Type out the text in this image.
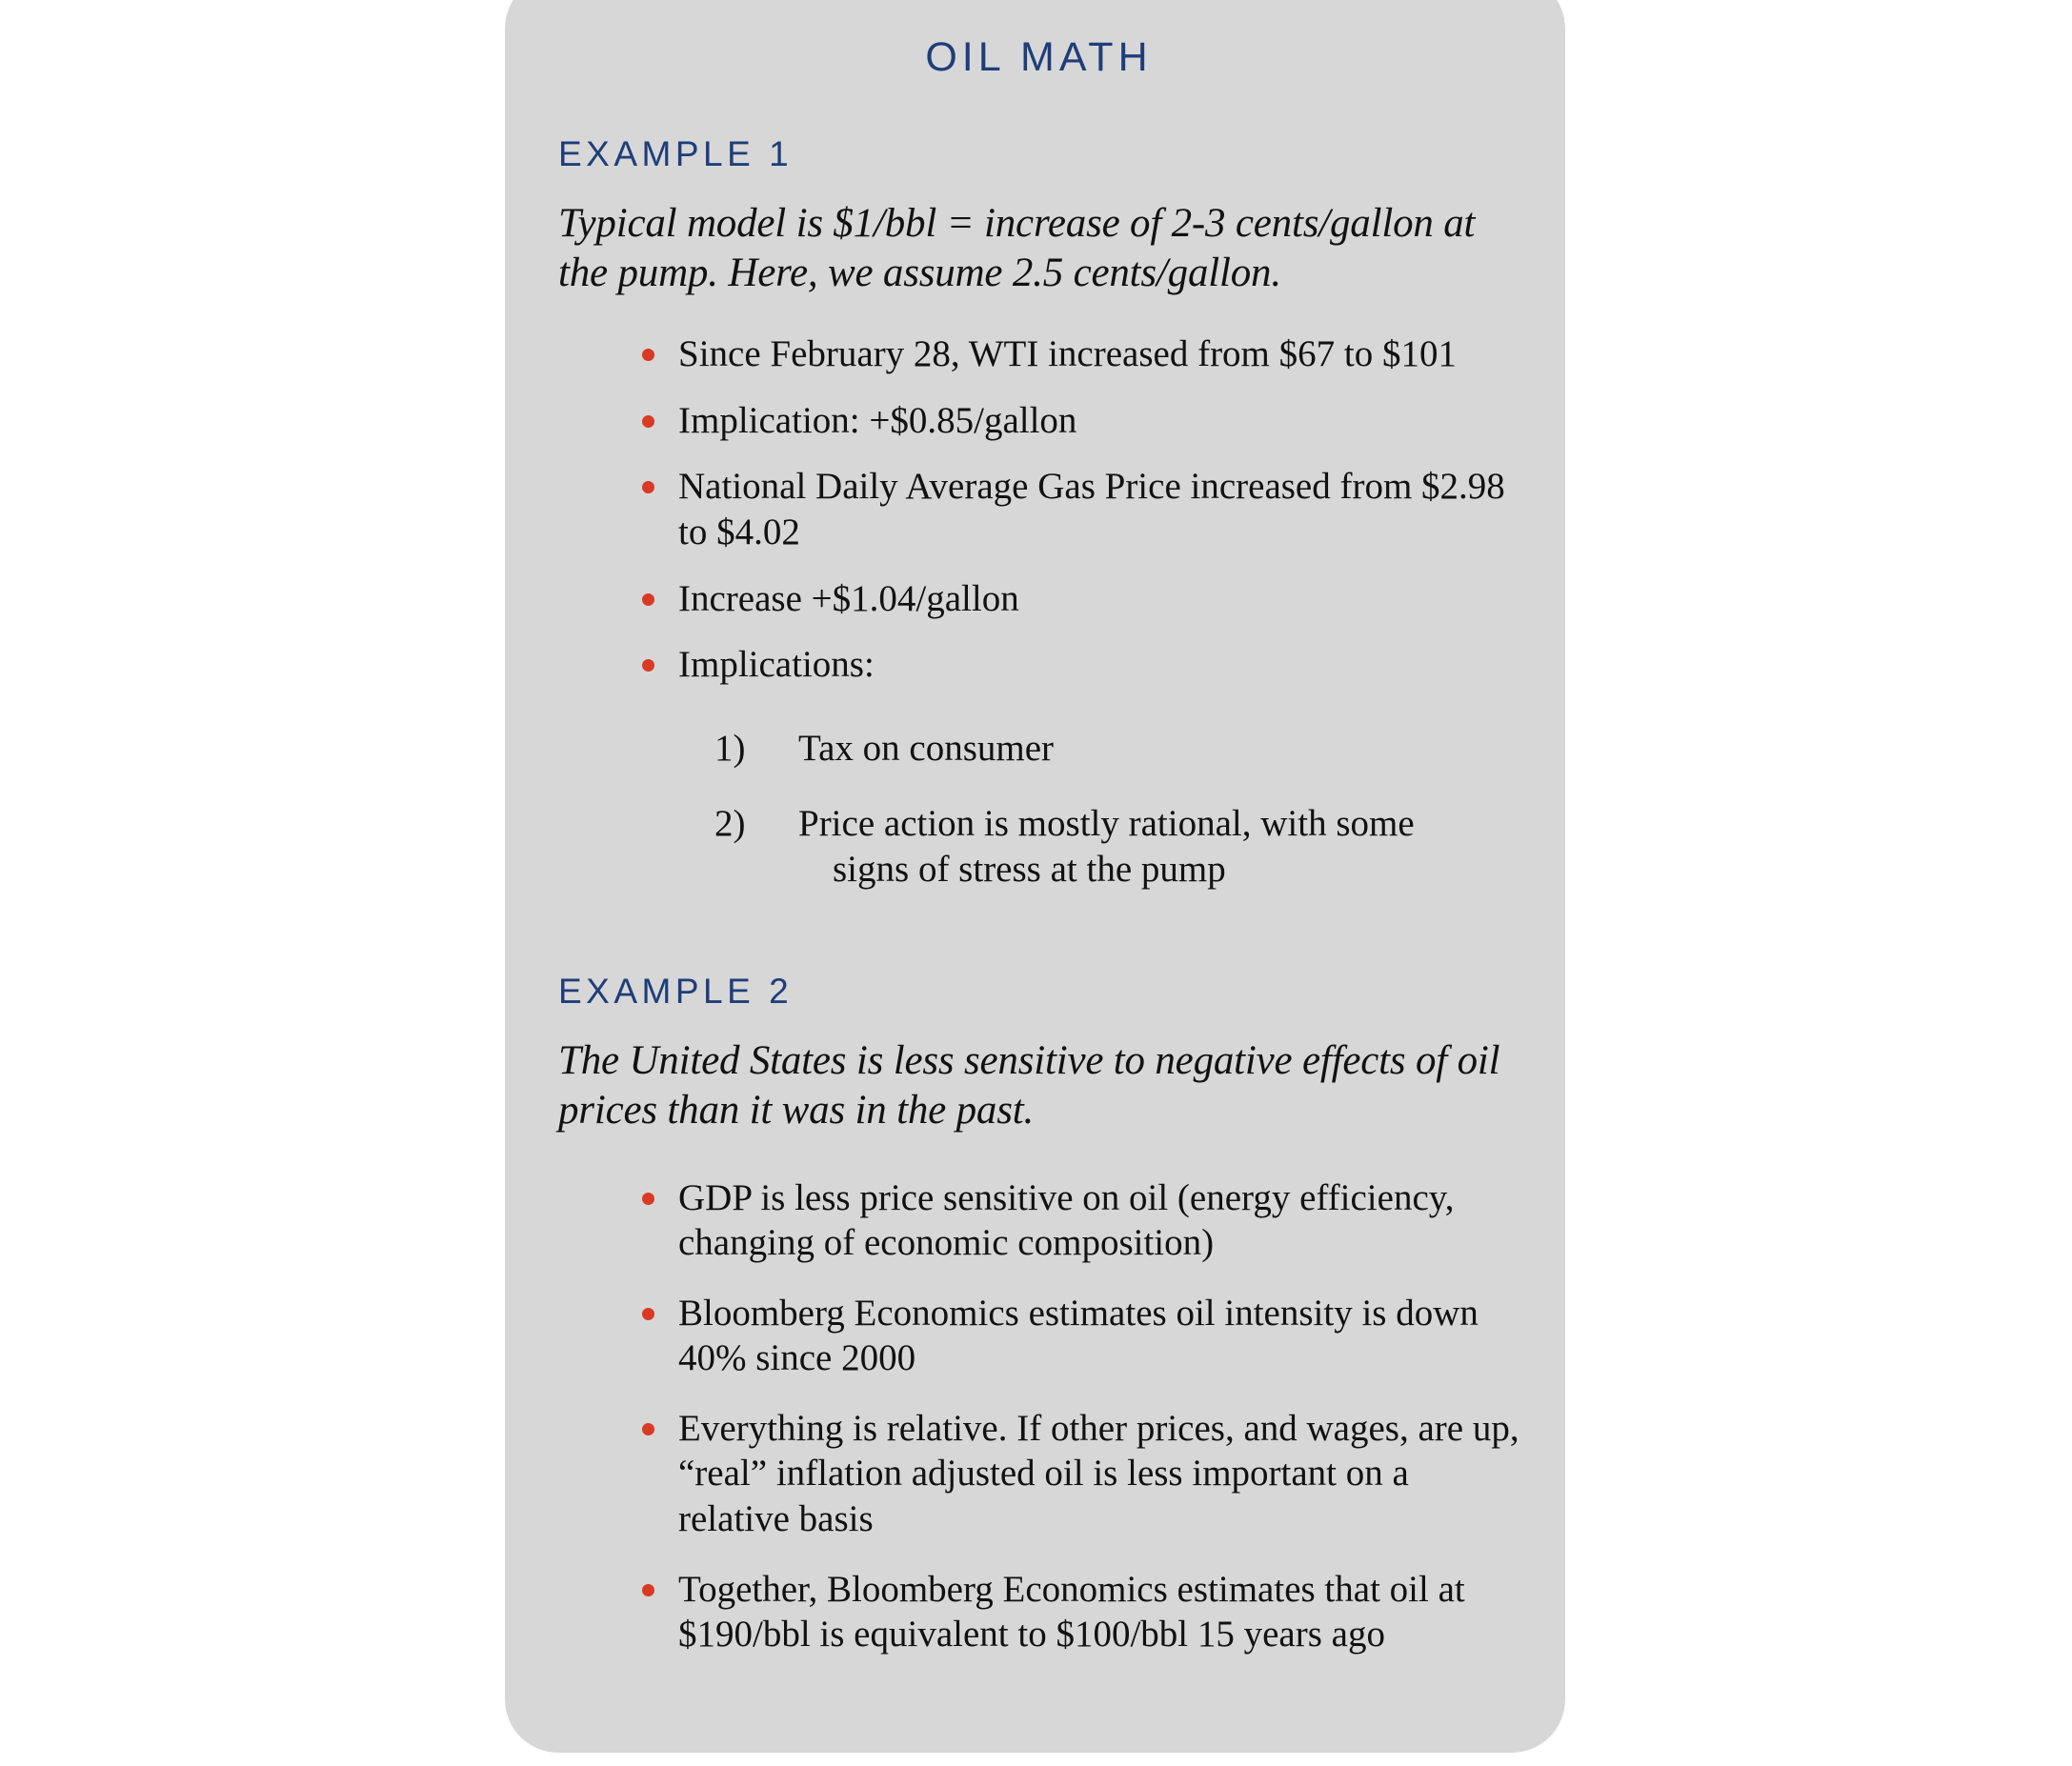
OIL MATH
EXAMPLE 1
Typical model is $1/bbl = increase of 2-3 cents/gallon at the pump. Here, we assume 2.5 cents/gallon.
Since February 28, WTI increased from $67 to $101
Implication: +$0.85/gallon
National Daily Average Gas Price increased from $2.98 to $4.02
Increase +$1.04/gallon
Implications:
1)	Tax on consumer
2)	Price action is mostly rational, with some
signs of stress at the pump
EXAMPLE 2
The United States is less sensitive to negative effects of oil prices than it was in the past.
GDP is less price sensitive on oil (energy efficiency, changing of economic composition)
Bloomberg Economics estimates oil intensity is down 40% since 2000
Everything is relative. If other prices, and wages, are up, “real” inflation adjusted oil is less important on a relative basis
Together, Bloomberg Economics estimates that oil at $190/bbl is equivalent to $100/bbl 15 years ago
